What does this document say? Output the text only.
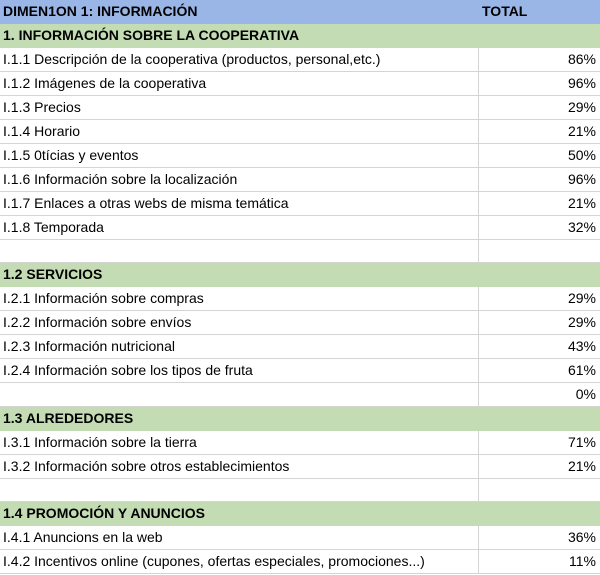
DIMEN1ON 1: INFORMACIÓN	TOTAL
1. INFORMACIÓN SOBRE LA COOPERATIVA	
I.1.1 Descripción de la cooperativa (productos, personal,etc.)	86%
I.1.2 Imágenes de la cooperativa	96%
I.1.3 Precios	29%
I.1.4 Horario	21%
I.1.5 0tícias y eventos	50%
I.1.6 Información sobre la localización	96%
I.1.7 Enlaces a otras webs de misma temática	21%
I.1.8 Temporada	32%

1.2 SERVICIOS	
I.2.1 Información sobre compras	29%
I.2.2 Información sobre envíos	29%
I.2.3 Información nutricional	43%
I.2.4 Información sobre los tipos de fruta	61%
	0%
1.3 ALREDEDORES	
I.3.1 Información sobre la tierra	71%
I.3.2 Información sobre otros establecimientos	21%

1.4 PROMOCIÓN Y ANUNCIOS	
I.4.1 Anuncions en la web	36%
I.4.2 Incentivos online (cupones, ofertas especiales, promociones...)	11%
